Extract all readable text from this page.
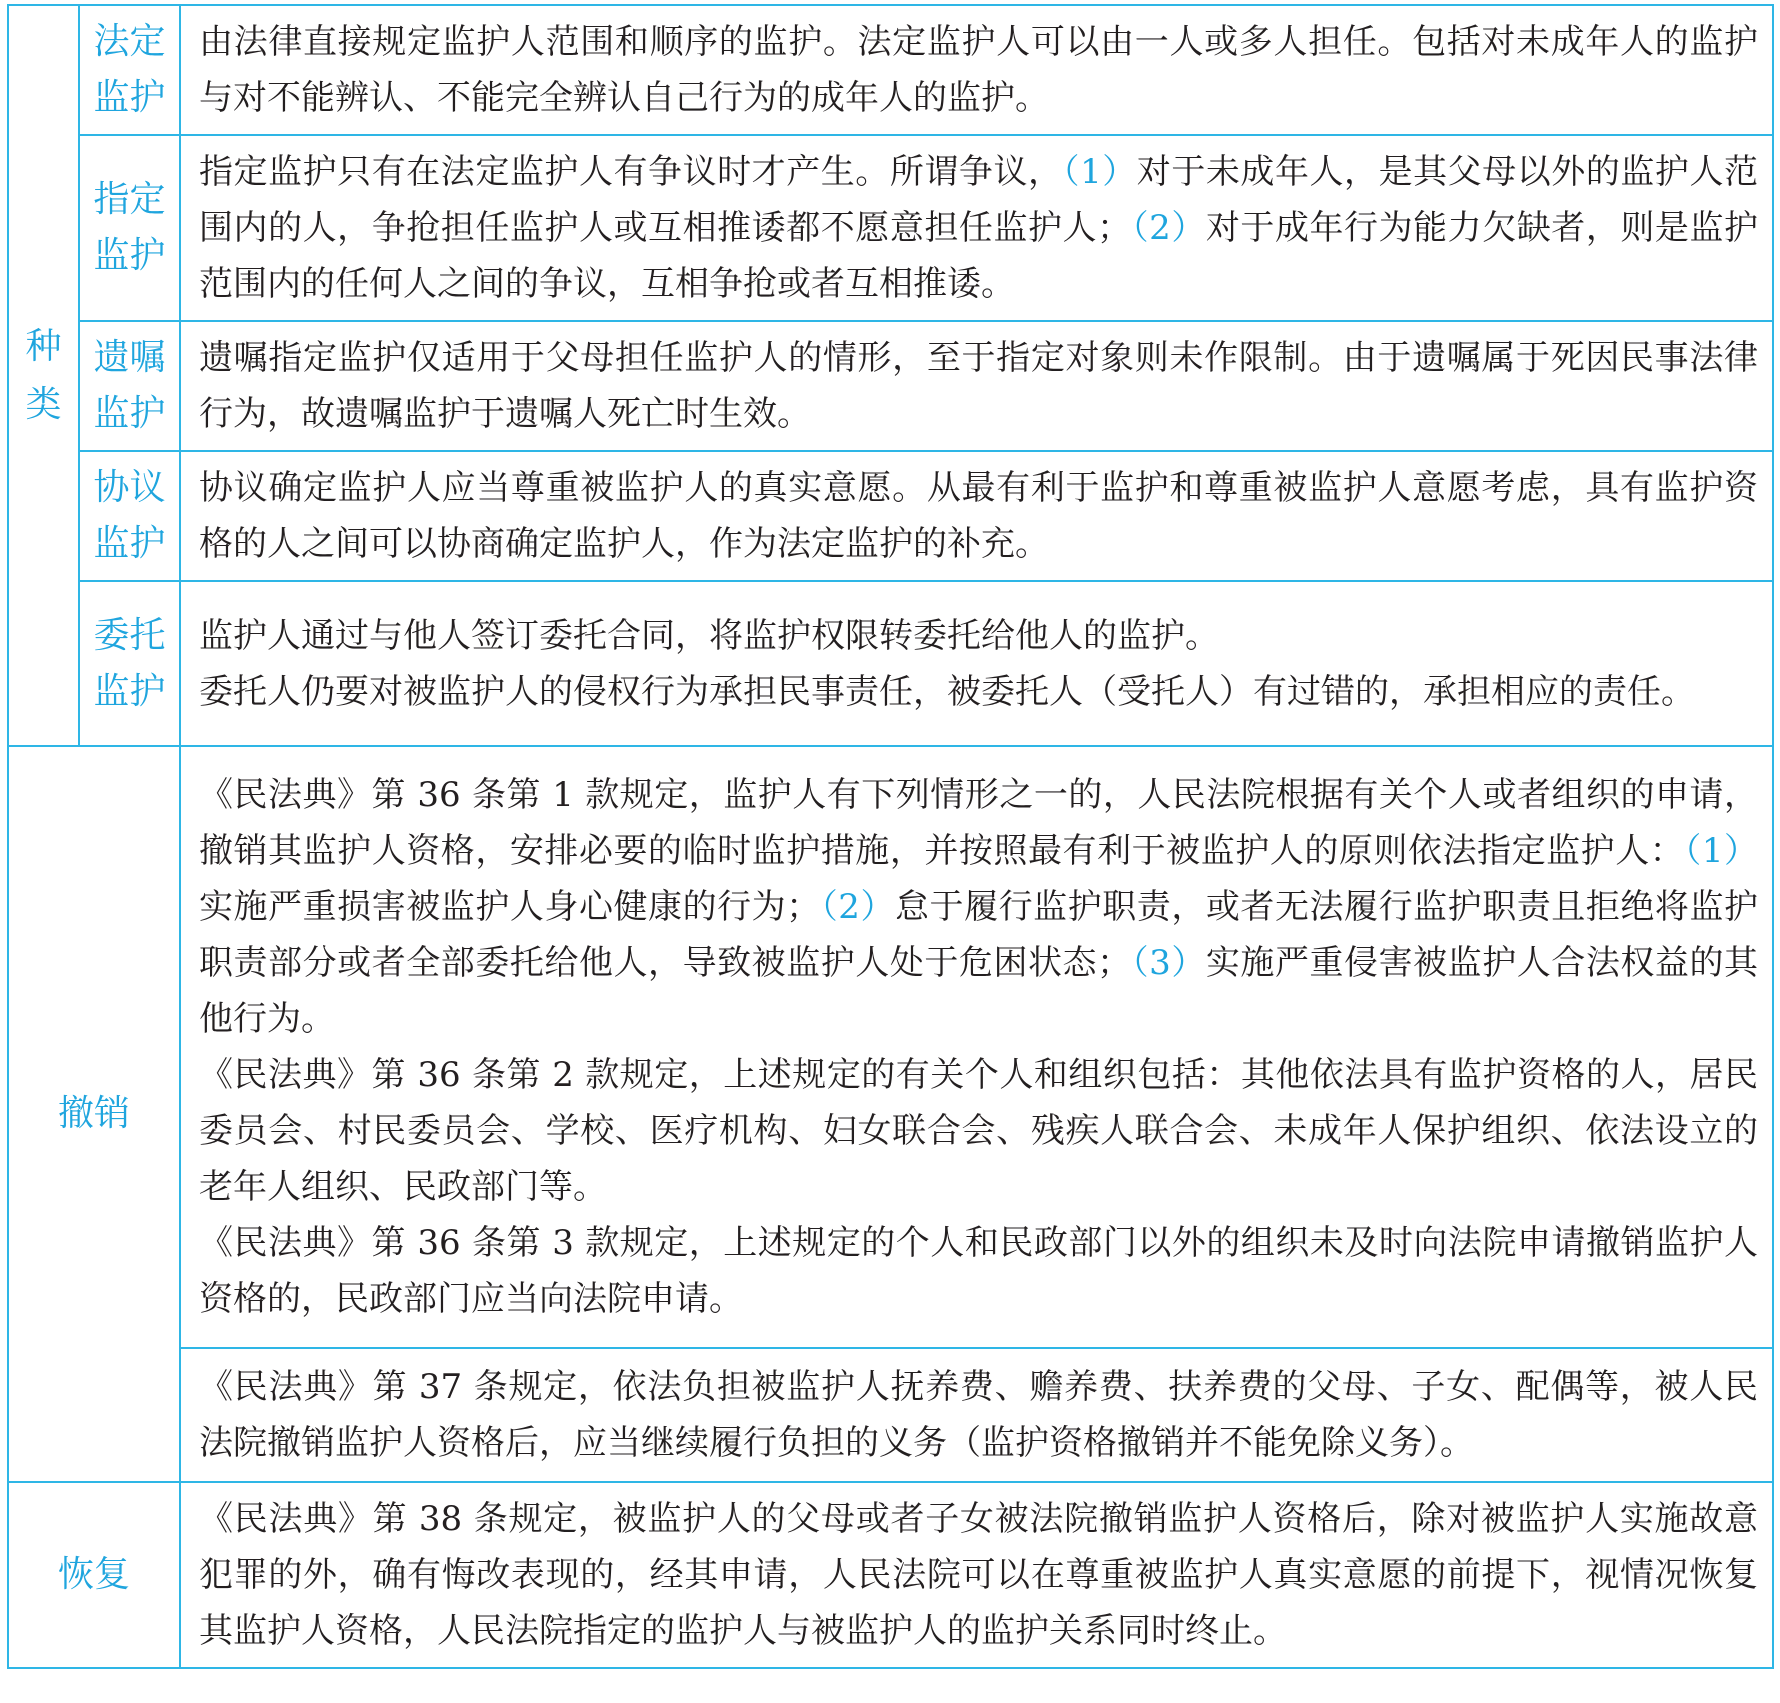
种类	法定监护	由法律直接规定监护人范围和顺序的监护。法定监护人可以由一人或多人担任。包括对未成年人的监护与对不能辨认、不能完全辨认自己行为的成年人的监护。
	指定监护	指定监护只有在法定监护人有争议时才产生。所谓争议，（1）对于未成年人，是其父母以外的监护人范围内的人，争抢担任监护人或互相推诿都不愿意担任监护人；（2）对于成年行为能力欠缺者，则是监护范围内的任何人之间的争议，互相争抢或者互相推诿。
	遗嘱监护	遗嘱指定监护仅适用于父母担任监护人的情形，至于指定对象则未作限制。由于遗嘱属于死因民事法律行为，故遗嘱监护于遗嘱人死亡时生效。
	协议监护	协议确定监护人应当尊重被监护人的真实意愿。从最有利于监护和尊重被监护人意愿考虑，具有监护资格的人之间可以协商确定监护人，作为法定监护的补充。
	委托监护	监护人通过与他人签订委托合同，将监护权限转委托给他人的监护。

委托人仍要对被监护人的侵权行为承担民事责任，被委托人（受托人）有过错的，承担相应的责任。

撤销		《民法典》第 36 条第 1 款规定，监护人有下列情形之一的，人民法院根据有关个人或者组织的申请，撤销其监护人资格，安排必要的临时监护措施，并按照最有利于被监护人的原则依法指定监护人：（1）实施严重损害被监护人身心健康的行为；（2）怠于履行监护职责，或者无法履行监护职责且拒绝将监护职责部分或者全部委托给他人，导致被监护人处于危困状态；（3）实施严重侵害被监护人合法权益的其他行为。

《民法典》第 36 条第 2 款规定，上述规定的有关个人和组织包括：其他依法具有监护资格的人，居民委员会、村民委员会、学校、医疗机构、妇女联合会、残疾人联合会、未成年人保护组织、依法设立的老年人组织、民政部门等。

《民法典》第 36 条第 3 款规定，上述规定的个人和民政部门以外的组织未及时向法院申请撤销监护人资格的，民政部门应当向法院申请。

		《民法典》第 37 条规定，依法负担被监护人抚养费、赡养费、扶养费的父母、子女、配偶等，被人民法院撤销监护人资格后，应当继续履行负担的义务（监护资格撤销并不能免除义务）。
恢复		《民法典》第 38 条规定，被监护人的父母或者子女被法院撤销监护人资格后，除对被监护人实施故意犯罪的外，确有悔改表现的，经其申请，人民法院可以在尊重被监护人真实意愿的前提下，视情况恢复其监护人资格，人民法院指定的监护人与被监护人的监护关系同时终止。
